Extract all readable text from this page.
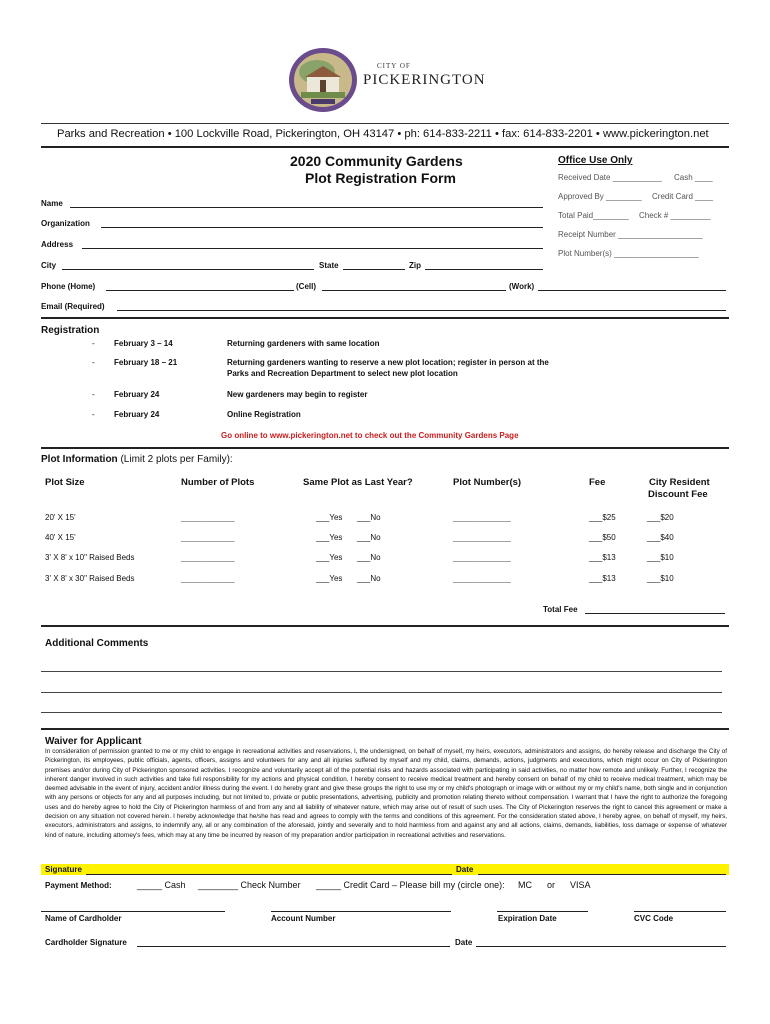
CITY OF
PICKERINGTON
Parks and Recreation • 100 Lockville Road, Pickerington, OH 43147 • ph: 614-833-2211 • fax: 614-833-2201 • www.pickerington.net
2020 Community Gardens
Plot Registration Form
Office Use Only
Received Date ___________ Cash ____
Approved By ________ Credit Card ____
Total Paid________ Check # _________
Receipt Number ___________________
Plot Number(s) ___________________
Name
Organization
Address
City	State	Zip
Phone (Home)	(Cell)	(Work)
Email (Required)
Registration
- February 3 – 14	Returning gardeners with same location
- February 18 – 21	Returning gardeners wanting to reserve a new plot location; register in person at the
Parks and Recreation Department to select new plot location
- February 24	New gardeners may begin to register
- February 24	Online Registration
Go online to www.pickerington.net to check out the Community Gardens Page
Plot Information (Limit 2 plots per Family):
Plot Size	Number of Plots	Same Plot as Last Year?	Plot Number(s)	Fee	City Resident
Discount Fee
20' X 15'	____________	___Yes ___No	_____________	___$25	___$20
40' X 15'	____________	___Yes ___No	_____________	___$50	___$40
3' X 8' x 10" Raised Beds	____________	___Yes ___No	_____________	___$13	___$10
3' X 8' x 30" Raised Beds	____________	___Yes ___No	_____________	___$13	___$10
Total Fee
Additional Comments
Waiver for Applicant
In consideration of permission granted to me or my child to engage in recreational activities and reservations, I, the undersigned, on behalf of myself, my heirs, executors, administrators and assigns, do hereby release and discharge the City of Pickerington, its employees, public officials, agents, officers, assigns and volunteers for any and all injuries suffered by myself and my child, claims, demands, actions, judgments and executions, which might occur on City of Pickerington premises and/or during City of Pickerington sponsored activities. I recognize and voluntarily accept all of the potential risks and hazards associated with participating in said activities, no matter how remote and unlikely. Further, I recognize the inherent danger involved in such activities and take full responsibility for my actions and physical condition. I hereby consent to receive medical treatment and hereby consent on behalf of my child to receive medical treatment, which may be deemed advisable in the event of injury, accident and/or illness during the event. I do hereby grant and give these groups the right to use my or my child's photograph or image with or without my or my child's name, both single and in conjunction with any persons or objects for any and all purposes including, but not limited to, private or public presentations, advertising, publicity and promotion relating thereto without compensation. I warrant that I have the right to authorize the foregoing uses and do hereby agree to hold the City of Pickerington harmless of and from any and all liability of whatever nature, which may arise out of result of such uses. The City of Pickerington reserves the right to cancel this agreement or make a decision on any situation not covered herein. I hereby acknowledge that he/she has read and agrees to comply with the terms and conditions of this agreement. For the consideration stated above, I hereby agree, on behalf of myself, my heirs, executors, administrators and assigns, to indemnify any, all or any combination of the aforesaid, jointly and severally and to hold harmless from and against any and all actions, claims, demands, liabilities, loss damage or expense of whatever kind of nature, including attorney's fees, which may at any time be incurred by reason of my preparation and/or participation in recreational activities and reservations.
Signature	Date
Payment Method:	_____ Cash ________ Check Number _____ Credit Card – Please bill my (circle one): MC or VISA
Name of Cardholder	Account Number	Expiration Date	CVC Code
Cardholder Signature	Date
